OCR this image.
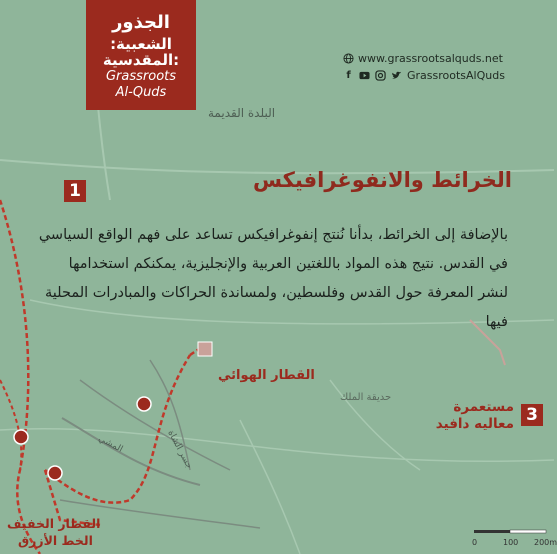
جسر الشاة
المشي
الجذور
الشعبية: المقدسية:
Grassroots
Al-Quds
www.grassrootsalquds.net
f	GrassrootsAlQuds
البلدة القديمة
1
3
الخرائط والانفوغرافيكس
بالإضافة إلى الخرائط، بدأنا نُنتج إنفوغرافيكس تساعد على فهم الواقع السياسي في القدس. نتيج هذه المواد باللغتين العربية والإنجليزية، يمكنكم استخدامها لنشر المعرفة حول القدس وفلسطين، ولمساندة الحراكات والمبادرات المحلية فيها
القطار الهوائي
حديقة الملك
مستعمرة
معاليه دافيد
القطار الخفيف
الخط الأزرق	0	100 200m
